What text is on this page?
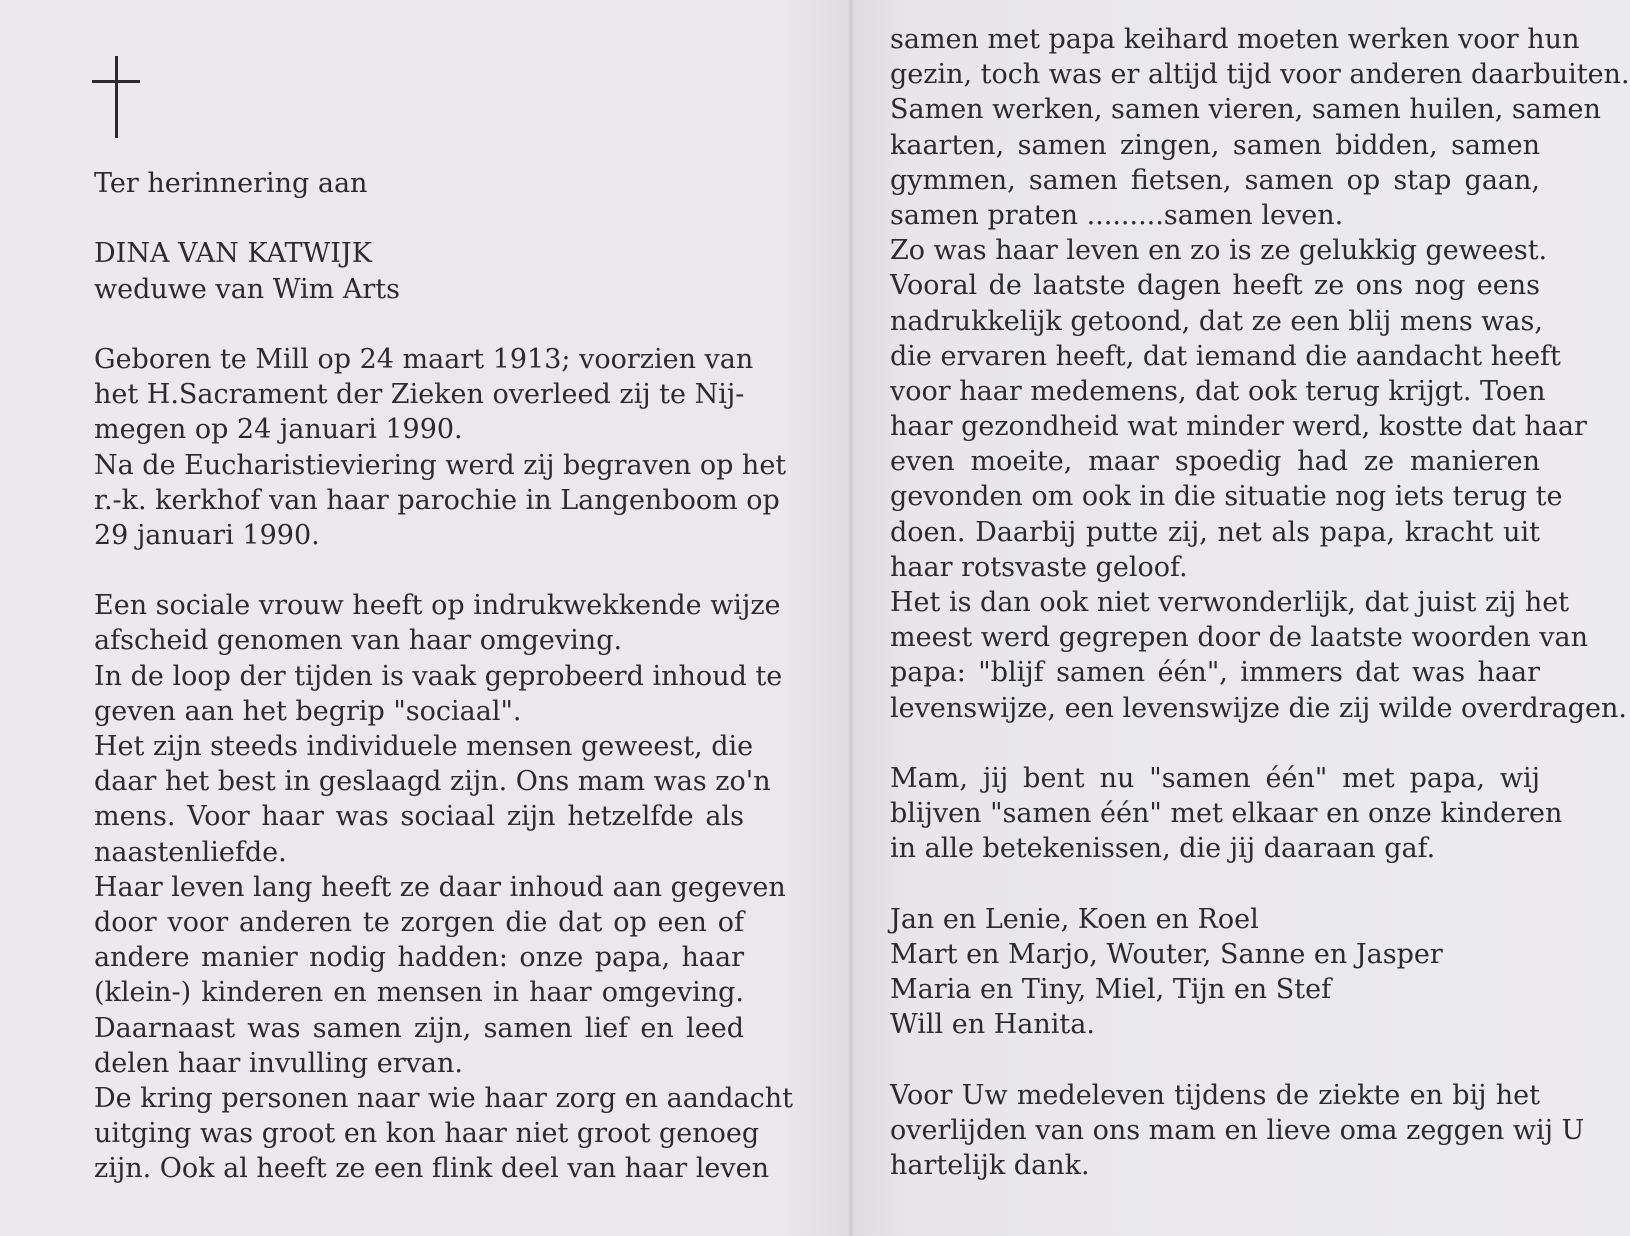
Ter herinnering aan
DINA VAN KATWIJK
weduwe van Wim Arts
Geboren te Mill op 24 maart 1913; voorzien van
het H.Sacrament der Zieken overleed zij te Nij-
megen op 24 januari 1990.
Na de Eucharistieviering werd zij begraven op het
r.-k. kerkhof van haar parochie in Langenboom op
29 januari 1990.
Een sociale vrouw heeft op indrukwekkende wijze
afscheid genomen van haar omgeving.
In de loop der tijden is vaak geprobeerd inhoud te
geven aan het begrip "sociaal".
Het zijn steeds individuele mensen geweest, die
daar het best in geslaagd zijn. Ons mam was zo'n
mens. Voor haar was sociaal zijn hetzelfde als
naastenliefde.
Haar leven lang heeft ze daar inhoud aan gegeven
door voor anderen te zorgen die dat op een of
andere manier nodig hadden: onze papa, haar
(klein-) kinderen en mensen in haar omgeving.
Daarnaast was samen zijn, samen lief en leed
delen haar invulling ervan.
De kring personen naar wie haar zorg en aandacht
uitging was groot en kon haar niet groot genoeg
zijn. Ook al heeft ze een flink deel van haar leven
samen met papa keihard moeten werken voor hun
gezin, toch was er altijd tijd voor anderen daarbuiten.
Samen werken, samen vieren, samen huilen, samen
kaarten, samen zingen, samen bidden, samen
gymmen, samen fietsen, samen op stap gaan,
samen praten .........samen leven.
Zo was haar leven en zo is ze gelukkig geweest.
Vooral de laatste dagen heeft ze ons nog eens
nadrukkelijk getoond, dat ze een blij mens was,
die ervaren heeft, dat iemand die aandacht heeft
voor haar medemens, dat ook terug krijgt. Toen
haar gezondheid wat minder werd, kostte dat haar
even moeite, maar spoedig had ze manieren
gevonden om ook in die situatie nog iets terug te
doen. Daarbij putte zij, net als papa, kracht uit
haar rotsvaste geloof.
Het is dan ook niet verwonderlijk, dat juist zij het
meest werd gegrepen door de laatste woorden van
papa: "blijf samen één", immers dat was haar
levenswijze, een levenswijze die zij wilde overdragen.
Mam, jij bent nu "samen één" met papa, wij
blijven "samen één" met elkaar en onze kinderen
in alle betekenissen, die jij daaraan gaf.
Jan en Lenie, Koen en Roel
Mart en Marjo, Wouter, Sanne en Jasper
Maria en Tiny, Miel, Tijn en Stef
Will en Hanita.
Voor Uw medeleven tijdens de ziekte en bij het
overlijden van ons mam en lieve oma zeggen wij U
hartelijk dank.
